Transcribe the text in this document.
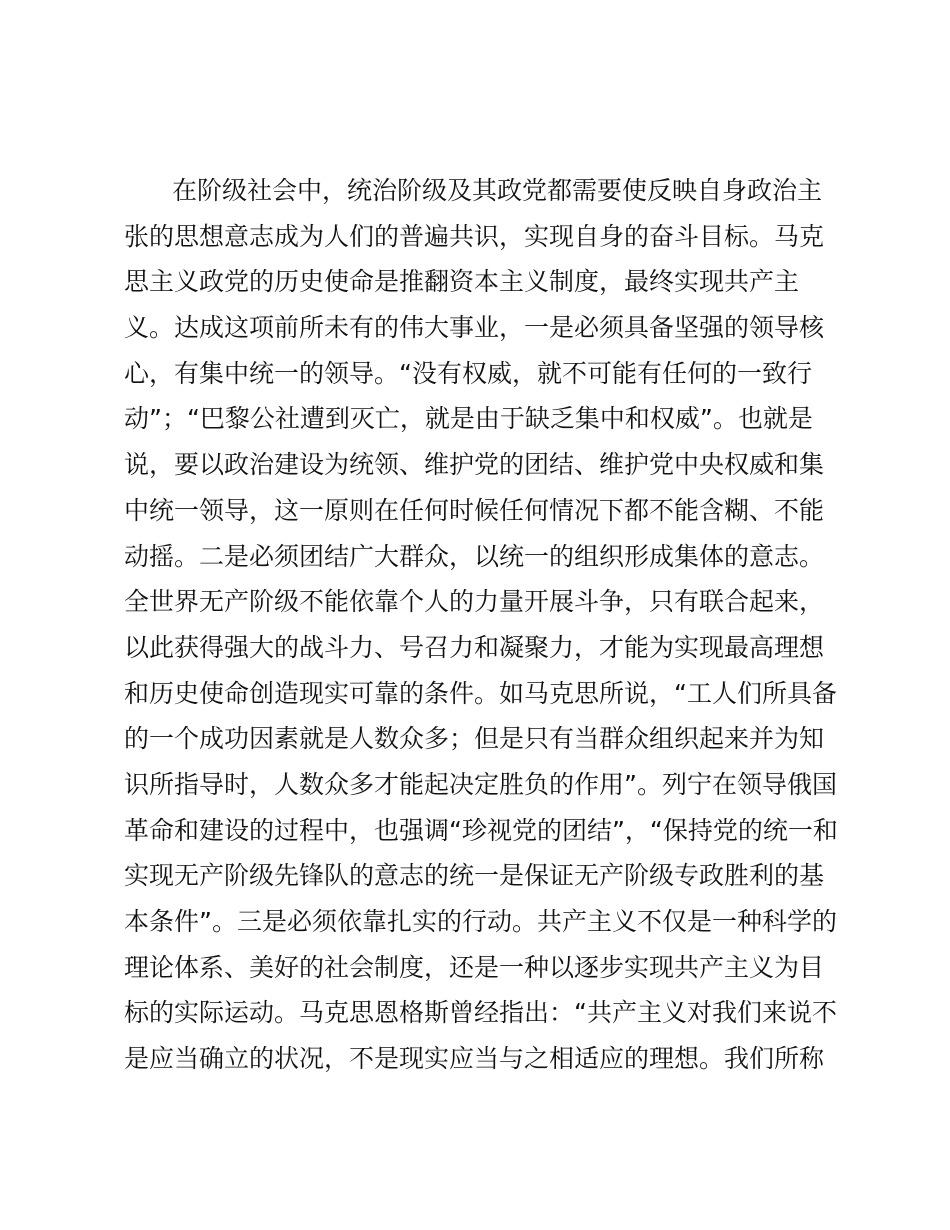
在阶级社会中，统治阶级及其政党都需要使反映自身政治主
张的思想意志成为人们的普遍共识，实现自身的奋斗目标。马克
思主义政党的历史使命是推翻资本主义制度，最终实现共产主
义。达成这项前所未有的伟大事业，一是必须具备坚强的领导核
心，有集中统一的领导。“没有权威，就不可能有任何的一致行
动”；“巴黎公社遭到灭亡，就是由于缺乏集中和权威”。也就是
说，要以政治建设为统领、维护党的团结、维护党中央权威和集
中统一领导，这一原则在任何时候任何情况下都不能含糊、不能
动摇。二是必须团结广大群众，以统一的组织形成集体的意志。
全世界无产阶级不能依靠个人的力量开展斗争，只有联合起来，
以此获得强大的战斗力、号召力和凝聚力，才能为实现最高理想
和历史使命创造现实可靠的条件。如马克思所说，“工人们所具备
的一个成功因素就是人数众多；但是只有当群众组织起来并为知
识所指导时，人数众多才能起决定胜负的作用”。列宁在领导俄国
革命和建设的过程中，也强调“珍视党的团结”，“保持党的统一和
实现无产阶级先锋队的意志的统一是保证无产阶级专政胜利的基
本条件”。三是必须依靠扎实的行动。共产主义不仅是一种科学的
理论体系、美好的社会制度，还是一种以逐步实现共产主义为目
标的实际运动。马克思恩格斯曾经指出：“共产主义对我们来说不
是应当确立的状况，不是现实应当与之相适应的理想。我们所称
